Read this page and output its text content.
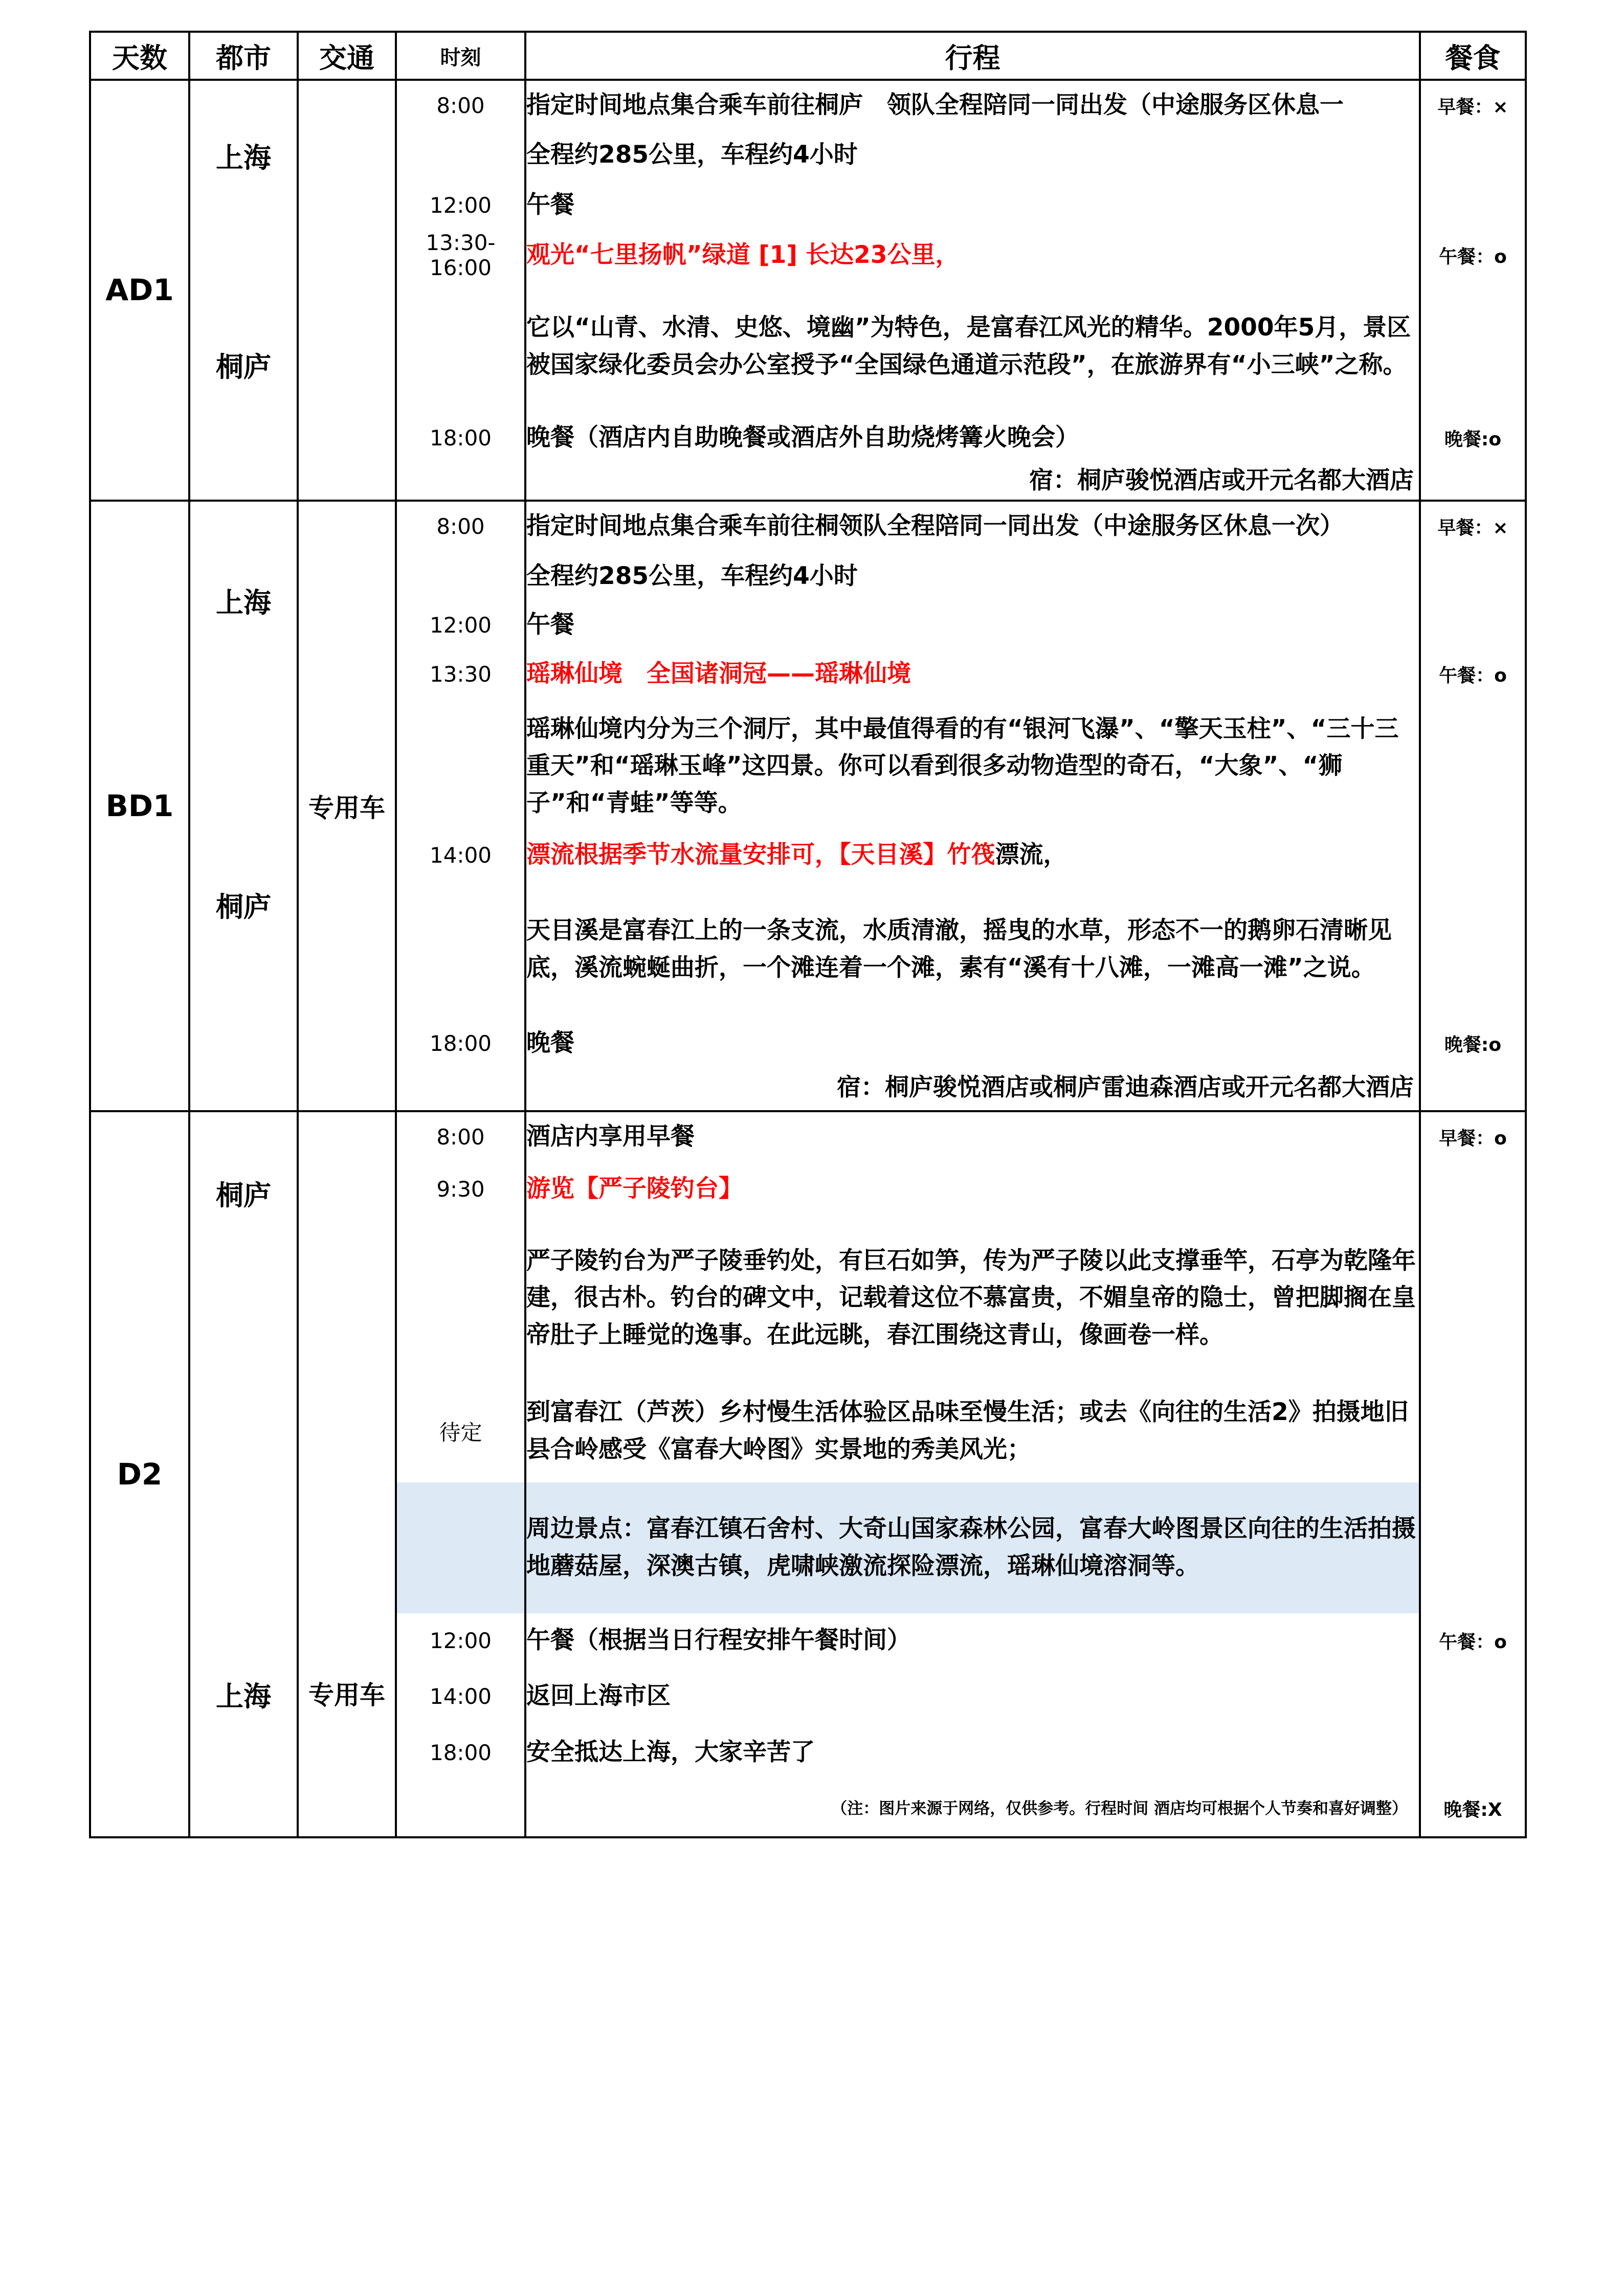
天数	都市	交通	时刻	行程	餐食
AD1	上海		8:00	指定时间地点集合乘车前往桐庐　领队全程陪同一同出发（中途服务区休息一	早餐：×
				全程约285公里，车程约4小时	
			12:00	午餐	
	桐庐		13:30-16:00	观光“七里扬帆”绿道 [1] 长达23公里，	午餐：o
				它以“山青、水清、史悠、境幽”为特色，是富春江风光的精华。2000年5月，景区被国家绿化委员会办公室授予“全国绿色通道示范段”，在旅游界有“小三峡”之称。	
			18:00	晚餐（酒店内自助晚餐或酒店外自助烧烤篝火晚会）	晚餐:o
				宿：桐庐骏悦酒店或开元名都大酒店	
BD1	上海	专用车	8:00	指定时间地点集合乘车前往桐领队全程陪同一同出发（中途服务区休息一次）	早餐：×
				全程约285公里，车程约4小时	
			12:00	午餐	
			13:30	瑶琳仙境　全国诸洞冠——瑶琳仙境	午餐：o
	桐庐			瑶琳仙境内分为三个洞厅，其中最值得看的有“银河飞瀑”、“擎天玉柱”、“三十三重天”和“瑶琳玉峰”这四景。你可以看到很多动物造型的奇石，“大象”、“狮子”和“青蛙”等等。	
			14:00	漂流根据季节水流量安排可，【天目溪】竹筏漂流，	
				天目溪是富春江上的一条支流，水质清澈，摇曳的水草，形态不一的鹅卵石清晰见底，溪流蜿蜒曲折，一个滩连着一个滩，素有“溪有十八滩，一滩高一滩”之说。	
			18:00	晚餐	晚餐:o
				宿：桐庐骏悦酒店或桐庐雷迪森酒店或开元名都大酒店	
D2	桐庐		8:00	酒店内享用早餐	早餐：o
			9:30	游览【严子陵钓台】	
				严子陵钓台为严子陵垂钓处，有巨石如笋，传为严子陵以此支撑垂竿，石亭为乾隆年建，很古朴。钓台的碑文中，记载着这位不慕富贵，不媚皇帝的隐士，曾把脚搁在皇帝肚子上睡觉的逸事。在此远眺，春江围绕这青山，像画卷一样。	
			待定	到富春江（芦茨）乡村慢生活体验区品味至慢生活；或去《向往的生活2》拍摄地旧县合岭感受《富春大岭图》实景地的秀美风光；	
				周边景点：富春江镇石舍村、大奇山国家森林公园，富春大岭图景区向往的生活拍摄地蘑菇屋，深澳古镇，虎啸峡激流探险漂流，瑶琳仙境溶洞等。	
	上海	专用车	12:00	午餐（根据当日行程安排午餐时间）	午餐：o
			14:00	返回上海市区	
			18:00	安全抵达上海，大家辛苦了	
				（注：图片来源于网络，仅供参考。行程时间 酒店均可根据个人节奏和喜好调整）	晚餐:X
